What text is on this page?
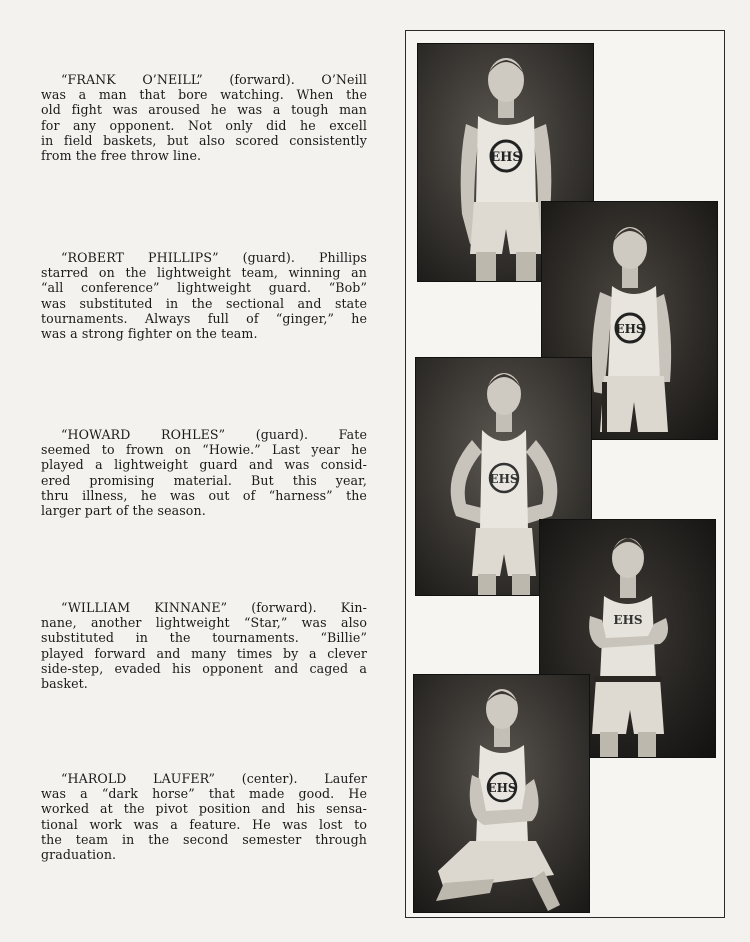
“FRANK O’NEILL” (forward). O’Neill
was a man that bore watching. When the
old fight was aroused he was a tough man
for any opponent. Not only did he excell
in field baskets, but also scored consistently
from the free throw line.
“ROBERT PHILLIPS” (guard). Phillips
starred on the lightweight team, winning an
“all conference” lightweight guard. “Bob”
was substituted in the sectional and state
tournaments. Always full of “ginger,” he
was a strong fighter on the team.
“HOWARD ROHLES” (guard). Fate
seemed to frown on “Howie.” Last year he
played a lightweight guard and was consid-
ered promising material. But this year,
thru illness, he was out of “harness” the
larger part of the season.
“WILLIAM KINNANE” (forward). Kin-
nane, another lightweight “Star,” was also
substituted in the tournaments. “Billie”
played forward and many times by a clever
side-step, evaded his opponent and caged a
basket.
“HAROLD LAUFER” (center). Laufer
was a “dark horse” that made good. He
worked at the pivot position and his sensa-
tional work was a feature. He was lost to
the team in the second semester through
graduation.
EHS
EHS
EHS
EHS
EHS
